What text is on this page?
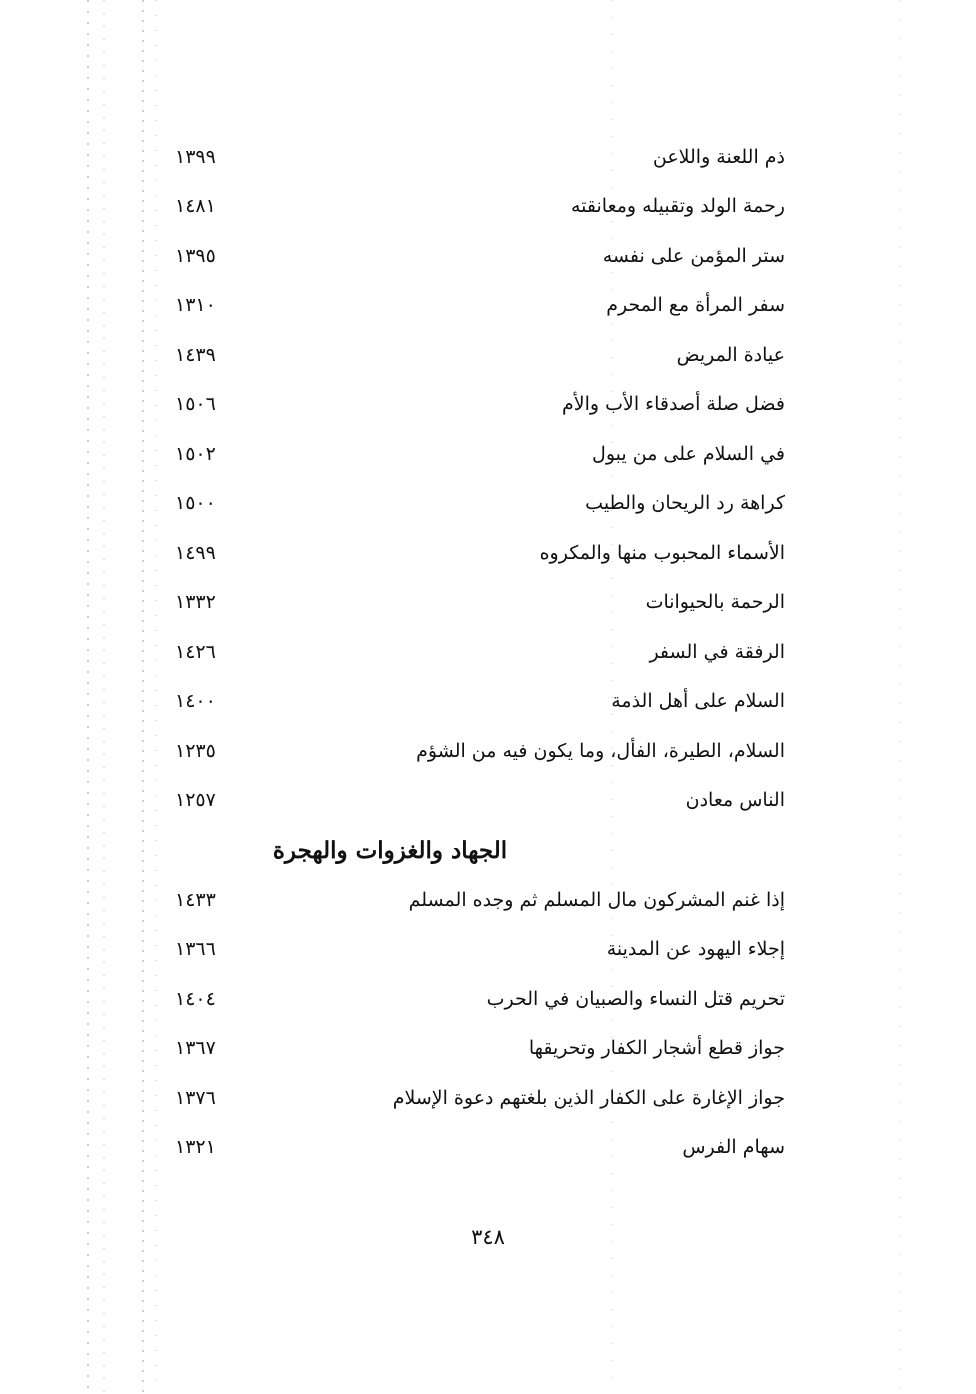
ذم اللعنة واللاعن
١٣٩٩
رحمة الولد وتقبيله ومعانقته
١٤٨١
ستر المؤمن على نفسه
١٣٩٥
سفر المرأة مع المحرم
١٣١٠
عيادة المريض
١٤٣٩
فضل صلة أصدقاء الأب والأم
١٥٠٦
في السلام على من يبول
١٥٠٢
كراهة رد الريحان والطيب
١٥٠٠
الأسماء المحبوب منها والمكروه
١٤٩٩
الرحمة بالحيوانات
١٣٣٢
الرفقة في السفر
١٤٢٦
السلام على أهل الذمة
١٤٠٠
السلام، الطيرة، الفأل، وما يكون فيه من الشؤم
١٢٣٥
الناس معادن
١٢٥٧
الجهاد والغزوات والهجرة
إذا غنم المشركون مال المسلم ثم وجده المسلم
١٤٣٣
إجلاء اليهود عن المدينة
١٣٦٦
تحريم قتل النساء والصبيان في الحرب
١٤٠٤
جواز قطع أشجار الكفار وتحريقها
١٣٦٧
جواز الإغارة على الكفار الذين بلغتهم دعوة الإسلام
١٣٧٦
سهام الفرس
١٣٢١
٣٤٨
